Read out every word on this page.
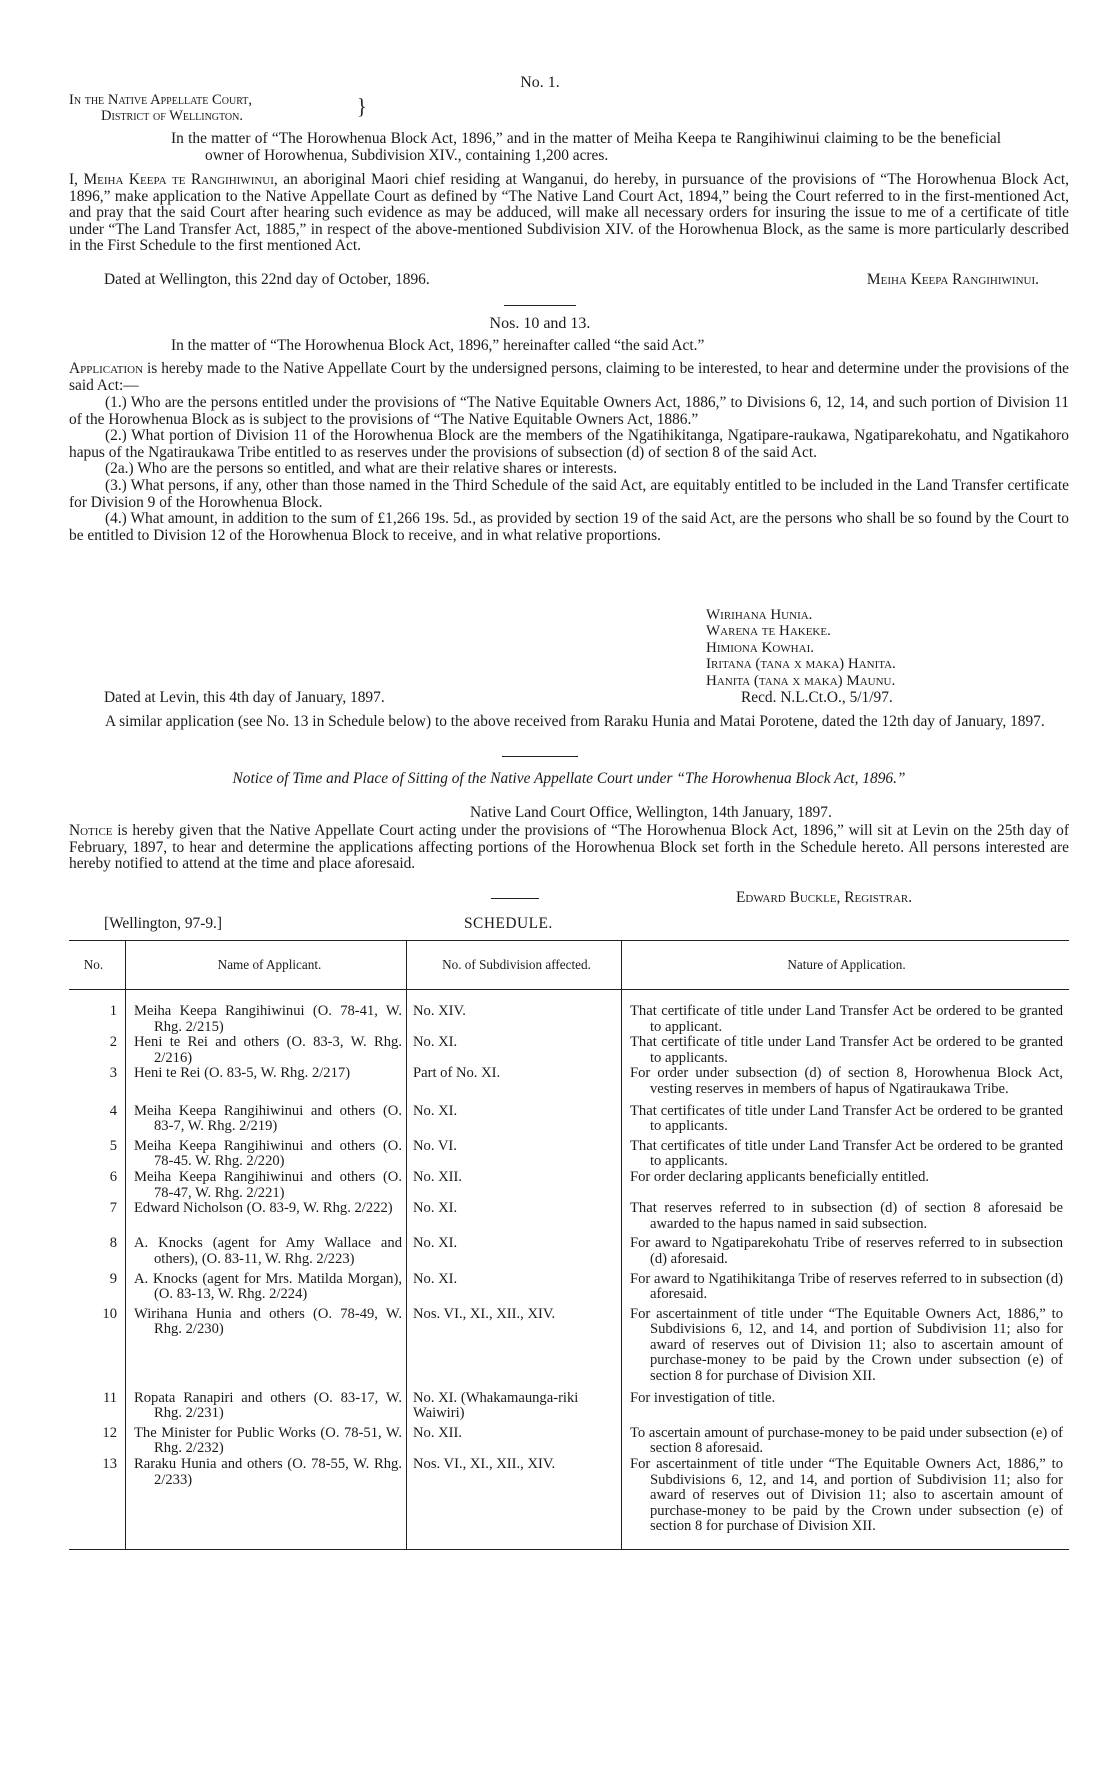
No. 1.
In the Native Appellate Court,
District of Wellington.	}
In the matter of “The Horowhenua Block Act, 1896,” and in the matter of Meiha Keepa te Rangihiwinui claiming to be the beneficial owner of Horowhenua, Subdivision XIV., containing 1,200 acres.
I, Meiha Keepa te Rangihiwinui, an aboriginal Maori chief residing at Wanganui, do hereby, in pursuance of the provisions of “The Horowhenua Block Act, 1896,” make application to the Native Appellate Court as defined by “The Native Land Court Act, 1894,” being the Court referred to in the first-mentioned Act, and pray that the said Court after hearing such evidence as may be adduced, will make all necessary orders for insuring the issue to me of a certificate of title under “The Land Transfer Act, 1885,” in respect of the above-mentioned Subdivision XIV. of the Horowhenua Block, as the same is more particularly described in the First Schedule to the first mentioned Act.
Dated at Wellington, this 22nd day of October, 1896.	Meiha Keepa Rangihiwinui.
Nos. 10 and 13.
In the matter of “The Horowhenua Block Act, 1896,” hereinafter called “the said Act.”
Application is hereby made to the Native Appellate Court by the undersigned persons, claiming to be interested, to hear and determine under the provisions of the said Act:—
(1.) Who are the persons entitled under the provisions of “The Native Equitable Owners Act, 1886,” to Divisions 6, 12, 14, and such portion of Division 11 of the Horowhenua Block as is subject to the provisions of “The Native Equitable Owners Act, 1886.”
(2.) What portion of Division 11 of the Horowhenua Block are the members of the Ngatihikitanga, Ngatipare-raukawa, Ngatiparekohatu, and Ngatikahoro hapus of the Ngatiraukawa Tribe entitled to as reserves under the provisions of subsection (d) of section 8 of the said Act.
(2a.) Who are the persons so entitled, and what are their relative shares or interests.
(3.) What persons, if any, other than those named in the Third Schedule of the said Act, are equitably entitled to be included in the Land Transfer certificate for Division 9 of the Horowhenua Block.
(4.) What amount, in addition to the sum of £1,266 19s. 5d., as provided by section 19 of the said Act, are the persons who shall be so found by the Court to be entitled to Division 12 of the Horowhenua Block to receive, and in what relative proportions.
Wirihana Hunia.
Warena te Hakeke.
Himiona Kowhai.
Iritana (tana x maka) Hanita.
Hanita (tana x maka) Maunu.
Dated at Levin, this 4th day of January, 1897.	Recd. N.L.Ct.O., 5/1/97.
A similar application (see No. 13 in Schedule below) to the above received from Raraku Hunia and Matai Porotene, dated the 12th day of January, 1897.
Notice of Time and Place of Sitting of the Native Appellate Court under “The Horowhenua Block Act, 1896.”
Native Land Court Office, Wellington, 14th January, 1897.
Notice is hereby given that the Native Appellate Court acting under the provisions of “The Horowhenua Block Act, 1896,” will sit at Levin on the 25th day of February, 1897, to hear and determine the applications affecting portions of the Horowhenua Block set forth in the Schedule hereto. All persons interested are hereby notified to attend at the time and place aforesaid.
Edward Buckle, Registrar.
[Wellington, 97-9.]	SCHEDULE.
No.	Name of Applicant.	No. of Subdivision affected.	Nature of Application.

1	Meiha Keepa Rangihiwinui (O. 78-41, W. Rhg. 2/215)	No. XIV.	That certificate of title under Land Transfer Act be ordered to be granted to applicant.

2	Heni te Rei and others (O. 83-3, W. Rhg. 2/216)	No. XI.	That certificate of title under Land Transfer Act be ordered to be granted to applicants.

3	Heni te Rei (O. 83-5, W. Rhg. 2/217)	Part of No. XI.	For order under subsection (d) of section 8, Horowhenua Block Act, vesting reserves in members of hapus of Ngatiraukawa Tribe.

4	Meiha Keepa Rangihiwinui and others (O. 83-7, W. Rhg. 2/219)	No. XI.	That certificates of title under Land Transfer Act be ordered to be granted to applicants.

5	Meiha Keepa Rangihiwinui and others (O. 78-45. W. Rhg. 2/220)	No. VI.	That certificates of title under Land Transfer Act be ordered to be granted to applicants.

6	Meiha Keepa Rangihiwinui and others (O. 78-47, W. Rhg. 2/221)	No. XII.	For order declaring applicants beneficially entitled.

7	Edward Nicholson (O. 83-9, W. Rhg. 2/222)	No. XI.	That reserves referred to in subsection (d) of section 8 aforesaid be awarded to the hapus named in said subsection.

8	A. Knocks (agent for Amy Wallace and others), (O. 83-11, W. Rhg. 2/223)	No. XI.	For award to Ngatiparekohatu Tribe of reserves referred to in subsection (d) aforesaid.

9	A. Knocks (agent for Mrs. Matilda Morgan), (O. 83-13, W. Rhg. 2/224)	No. XI.	For award to Ngatihikitanga Tribe of reserves referred to in subsection (d) aforesaid.

10	Wirihana Hunia and others (O. 78-49, W. Rhg. 2/230)	Nos. VI., XI., XII., XIV.	For ascertainment of title under “The Equitable Owners Act, 1886,” to Subdivisions 6, 12, and 14, and portion of Subdivision 11; also for award of reserves out of Division 11; also to ascertain amount of purchase-money to be paid by the Crown under subsection (e) of section 8 for purchase of Division XII.

11	Ropata Ranapiri and others (O. 83-17, W. Rhg. 2/231)	No. XI. (Whakamaunga-riki Waiwiri)	For investigation of title.

12	The Minister for Public Works (O. 78-51, W. Rhg. 2/232)	No. XII.	To ascertain amount of purchase-money to be paid under subsection (e) of section 8 aforesaid.

13	Raraku Hunia and others (O. 78-55, W. Rhg. 2/233)	Nos. VI., XI., XII., XIV.	For ascertainment of title under “The Equitable Owners Act, 1886,” to Subdivisions 6, 12, and 14, and portion of Subdivision 11; also for award of reserves out of Division 11; also to ascertain amount of purchase-money to be paid by the Crown under subsection (e) of section 8 for purchase of Division XII.
